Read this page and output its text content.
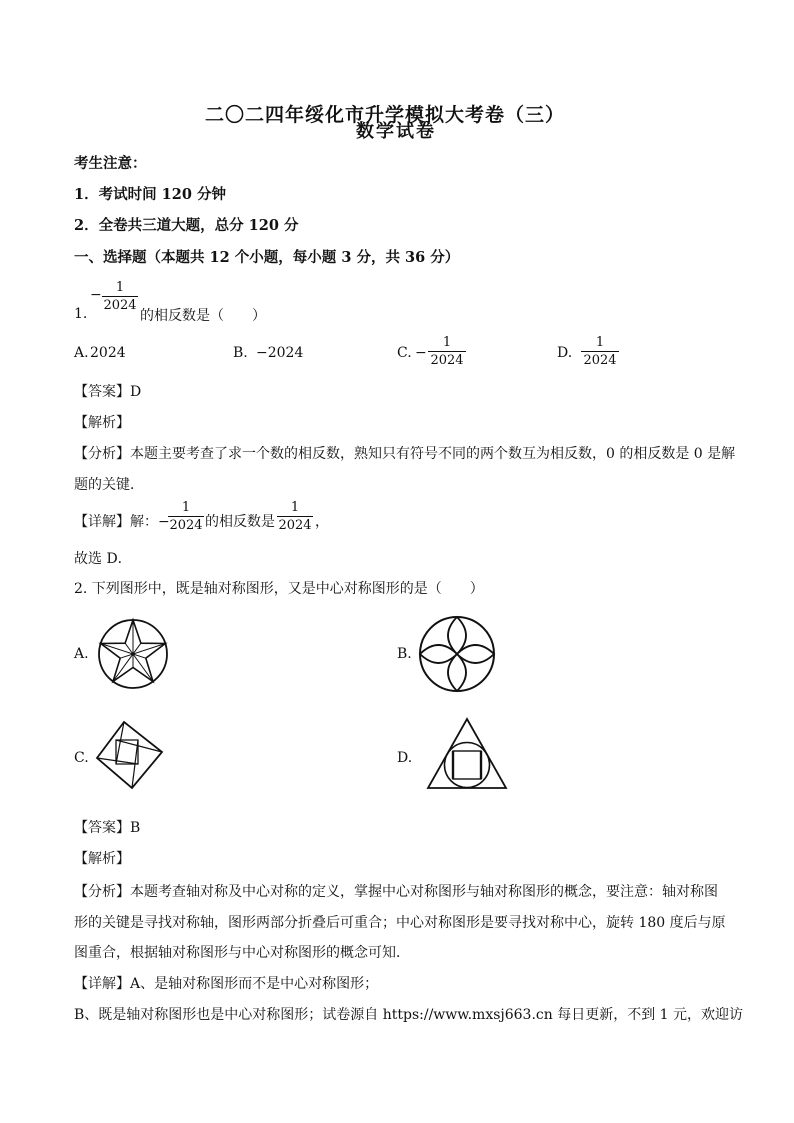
二〇二四年绥化市升学模拟大考卷（三）
数学试卷
考生注意：
1．考试时间 120 分钟
2．全卷共三道大题，总分 120 分
一、选择题（本题共 12 个小题，每小题 3 分，共 36 分）
−	1
2024
1.	的相反数是（　　）
A. 2024	B. −2024	C. −
1
2024	D.
1
2024
【答案】D
【解析】
【分析】本题主要考查了求一个数的相反数，熟知只有符号不同的两个数互为相反数，0 的相反数是 0 是解
题的关键．
【详解】解：−
1
2024 的相反数是
1
2024 ，
故选 D．
2. 下列图形中，既是轴对称图形，又是中心对称图形的是（　　）
A.	B.
C.	D.
【答案】B
【解析】
【分析】本题考查轴对称及中心对称的定义，掌握中心对称图形与轴对称图形的概念，要注意：轴对称图
形的关键是寻找对称轴，图形两部分折叠后可重合；中心对称图形是要寻找对称中心，旋转 180 度后与原
图重合，根据轴对称图形与中心对称图形的概念可知．
【详解】A、是轴对称图形而不是中心对称图形；
B、既是轴对称图形也是中心对称图形；试卷源自 https://www.mxsj663.cn 每日更新，不到 1 元，欢迎访
